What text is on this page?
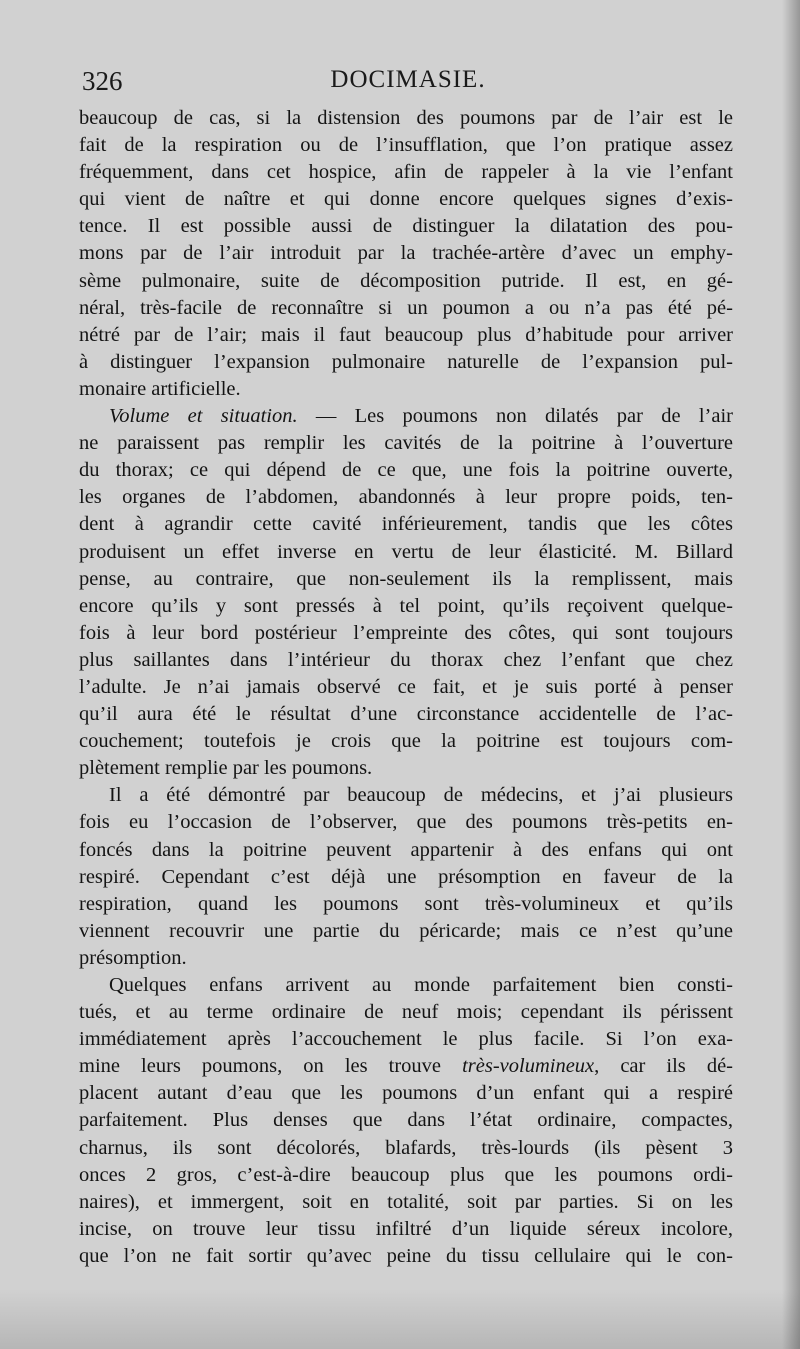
326	DOCIMASIE.
beaucoup de cas, si la distension des poumons par de l’air est le
fait de la respiration ou de l’insufflation, que l’on pratique assez
fréquemment, dans cet hospice, afin de rappeler à la vie l’enfant
qui vient de naître et qui donne encore quelques signes d’exis-
tence. Il est possible aussi de distinguer la dilatation des pou-
mons par de l’air introduit par la trachée-artère d’avec un emphy-
sème pulmonaire, suite de décomposition putride. Il est, en gé-
néral, très-facile de reconnaître si un poumon a ou n’a pas été pé-
nétré par de l’air; mais il faut beaucoup plus d’habitude pour arriver
à distinguer l’expansion pulmonaire naturelle de l’expansion pul-
monaire artificielle.
Volume et situation. — Les poumons non dilatés par de l’air
ne paraissent pas remplir les cavités de la poitrine à l’ouverture
du thorax; ce qui dépend de ce que, une fois la poitrine ouverte,
les organes de l’abdomen, abandonnés à leur propre poids, ten-
dent à agrandir cette cavité inférieurement, tandis que les côtes
produisent un effet inverse en vertu de leur élasticité. M. Billard
pense, au contraire, que non-seulement ils la remplissent, mais
encore qu’ils y sont pressés à tel point, qu’ils reçoivent quelque-
fois à leur bord postérieur l’empreinte des côtes, qui sont toujours
plus saillantes dans l’intérieur du thorax chez l’enfant que chez
l’adulte. Je n’ai jamais observé ce fait, et je suis porté à penser
qu’il aura été le résultat d’une circonstance accidentelle de l’ac-
couchement; toutefois je crois que la poitrine est toujours com-
plètement remplie par les poumons.
Il a été démontré par beaucoup de médecins, et j’ai plusieurs
fois eu l’occasion de l’observer, que des poumons très-petits en-
foncés dans la poitrine peuvent appartenir à des enfans qui ont
respiré. Cependant c’est déjà une présomption en faveur de la
respiration, quand les poumons sont très-volumineux et qu’ils
viennent recouvrir une partie du péricarde; mais ce n’est qu’une
présomption.
Quelques enfans arrivent au monde parfaitement bien consti-
tués, et au terme ordinaire de neuf mois; cependant ils périssent
immédiatement après l’accouchement le plus facile. Si l’on exa-
mine leurs poumons, on les trouve très-volumineux, car ils dé-
placent autant d’eau que les poumons d’un enfant qui a respiré
parfaitement. Plus denses que dans l’état ordinaire, compactes,
charnus, ils sont décolorés, blafards, très-lourds (ils pèsent 3
onces 2 gros, c’est-à-dire beaucoup plus que les poumons ordi-
naires), et immergent, soit en totalité, soit par parties. Si on les
incise, on trouve leur tissu infiltré d’un liquide séreux incolore,
que l’on ne fait sortir qu’avec peine du tissu cellulaire qui le con-
